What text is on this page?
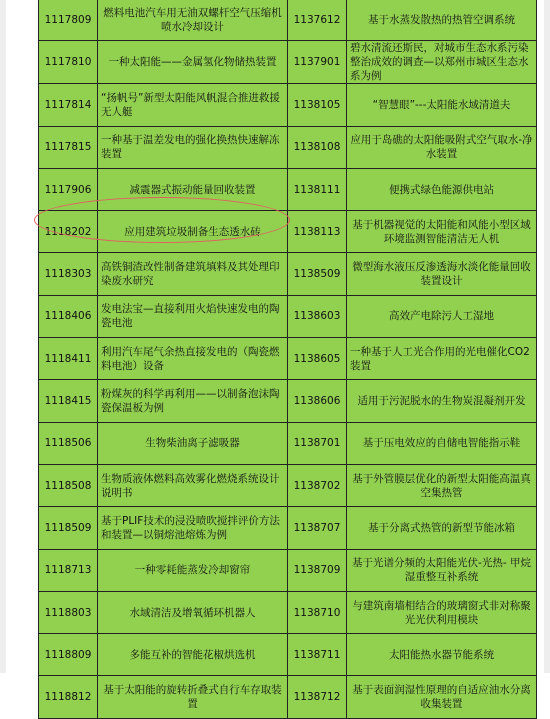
1117809	燃料电池汽车用无油双螺杆空气压缩机喷水冷却设计	1137612	基于水蒸发散热的热管空调系统
1117810	一种太阳能——金属氢化物储热装置	1137901	碧水清流还斯民，对城市生态水系污染整治成效的调查—以郑州市城区生态水系为例
1117814	“扬帆号”新型太阳能风帆混合推进救援无人艇	1138105	“智慧眼”---太阳能水域清道夫
1117815	一种基于温差发电的强化换热快速解冻装置	1138108	应用于岛礁的太阳能吸附式空气取水-净水装置
1117906	减震器式振动能量回收装置	1138111	便携式绿色能源供电站
1118202	应用建筑垃圾制备生态透水砖	1138113	基于机器视觉的太阳能和风能小型区域环境监测智能清洁无人机
1118303	高铁铜渣改性制备建筑填料及其处理印染废水研究	1138509	微型海水液压反渗透海水淡化能量回收装置设计
1118406	发电法宝—直接利用火焰快速发电的陶瓷电池	1138603	高效产电除污人工湿地
1118411	利用汽车尾气余热直接发电的（陶瓷燃料电池）设备	1138605	一种基于人工光合作用的光电催化CO2装置
1118415	粉煤灰的科学再利用——以制备泡沫陶瓷保温板为例	1138606	适用于污泥脱水的生物炭混凝剂开发
1118506	生物柴油离子滤吸器	1138701	基于压电效应的自储电智能指示鞋
1118508	生物质液体燃料高效雾化燃烧系统设计说明书	1138702	基于外管膜层优化的新型太阳能高温真空集热管
1118509	基于PLIF技术的浸没喷吹搅拌评价方法和装置—以铜熔池熔炼为例	1138707	基于分离式热管的新型节能冰箱
1118713	一种零耗能蒸发冷却窗帘	1138709	基于光谱分频的太阳能光伏-光热- 甲烷湿重整互补系统
1118803	水域清洁及增氧循环机器人	1138710	与建筑南墙相结合的玻璃窗式非对称聚光光伏利用模块
1118809	多能互补的智能花椒烘选机	1138711	太阳能热水器节能系统
1118812	基于太阳能的旋转折叠式自行车存取装置	1138712	基于表面润湿性原理的自适应油水分离收集装置
